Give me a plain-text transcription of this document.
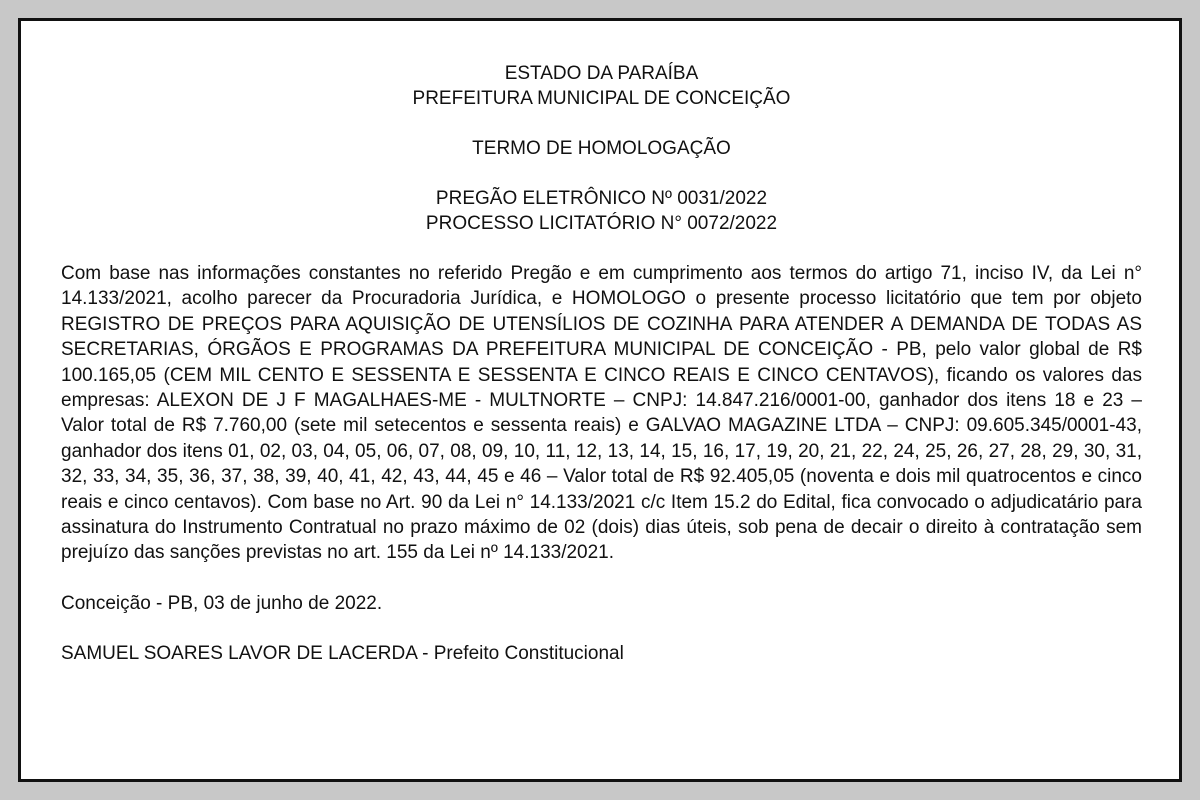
ESTADO DA PARAÍBA

PREFEITURA MUNICIPAL DE CONCEIÇÃO

TERMO DE HOMOLOGAÇÃO

PREGÃO ELETRÔNICO Nº 0031/2022

PROCESSO LICITATÓRIO N° 0072/2022

Com base nas informações constantes no referido Pregão e em cumprimento aos termos do artigo 71, inciso IV, da Lei n° 14.133/2021, acolho parecer da Procuradoria Jurídica, e HOMOLOGO o presente processo licitatório que tem por objeto REGISTRO DE PREÇOS PARA AQUISIÇÃO DE UTENSÍLIOS DE COZINHA PARA ATENDER A DEMANDA DE TODAS AS SECRETARIAS, ÓRGÃOS E PROGRAMAS DA PREFEITURA MUNICIPAL DE CONCEIÇÃO - PB, pelo valor global de R$ 100.165,05 (CEM MIL CENTO E SESSENTA E SESSENTA E CINCO REAIS E CINCO CENTAVOS), ficando os valores das empresas: ALEXON DE J F MAGALHAES-ME - MULTNORTE – CNPJ: 14.847.216/0001-00, ganhador dos itens 18 e 23 – Valor total de R$ 7.760,00 (sete mil setecentos e sessenta reais) e GALVAO MAGAZINE LTDA – CNPJ: 09.605.345/0001-43, ganhador dos itens 01, 02, 03, 04, 05, 06, 07, 08, 09, 10, 11, 12, 13, 14, 15, 16, 17, 19, 20, 21, 22, 24, 25, 26, 27, 28, 29, 30, 31, 32, 33, 34, 35, 36, 37, 38, 39, 40, 41, 42, 43, 44, 45 e 46 – Valor total de R$ 92.405,05 (noventa e dois mil quatrocentos e cinco reais e cinco centavos). Com base no Art. 90 da Lei n° 14.133/2021 c/c Item 15.2 do Edital, fica convocado o adjudicatário para assinatura do Instrumento Contratual no prazo máximo de 02 (dois) dias úteis, sob pena de decair o direito à contratação sem prejuízo das sanções previstas no art. 155 da Lei nº 14.133/2021.

Conceição - PB, 03 de junho de 2022.

SAMUEL SOARES LAVOR DE LACERDA - Prefeito Constitucional
